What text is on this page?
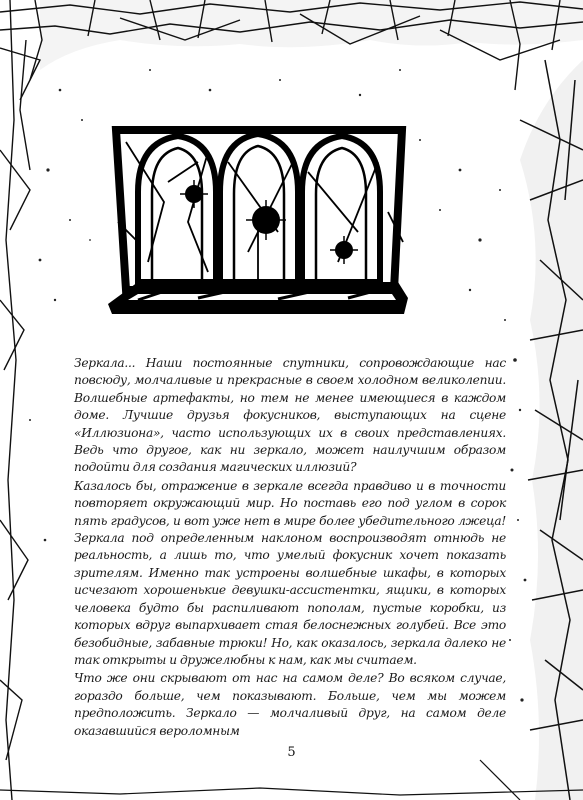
Зеркала... Наши постоянные спутники, сопровождающие нас повсюду, молчаливые и прекрасные в своем холодном великолепии. Волшебные артефакты, но тем не менее имеющиеся в каждом доме. Лучшие друзья фокусников, выступающих на сцене «Иллюзиона», часто использующих их в своих представлениях. Ведь что другое, как ни зеркало, может наилучшим образом подойти для создания магических иллюзий?

Казалось бы, отражение в зеркале всегда правдиво и в точности повторяет окружающий мир. Но поставь его под углом в сорок пять градусов, и вот уже нет в мире более убедительного лжеца! Зеркала под определенным наклоном воспроизводят отнюдь не реальность, а лишь то, что умелый фокусник хочет показать зрителям. Именно так устроены волшебные шкафы, в которых исчезают хорошенькие девушки-ассистентки, ящики, в которых человека будто бы распиливают пополам, пустые коробки, из которых вдруг выпархивает стая белоснежных голубей. Все это безобидные, забавные трюки! Но, как оказалось, зеркала далеко не так открыты и дружелюбны к нам, как мы считаем.

Что же они скрывают от нас на самом деле? Во всяком случае, гораздо больше, чем показывают. Больше, чем мы можем предположить. Зеркало — молчаливый друг, на самом деле оказавшийся вероломным

5
